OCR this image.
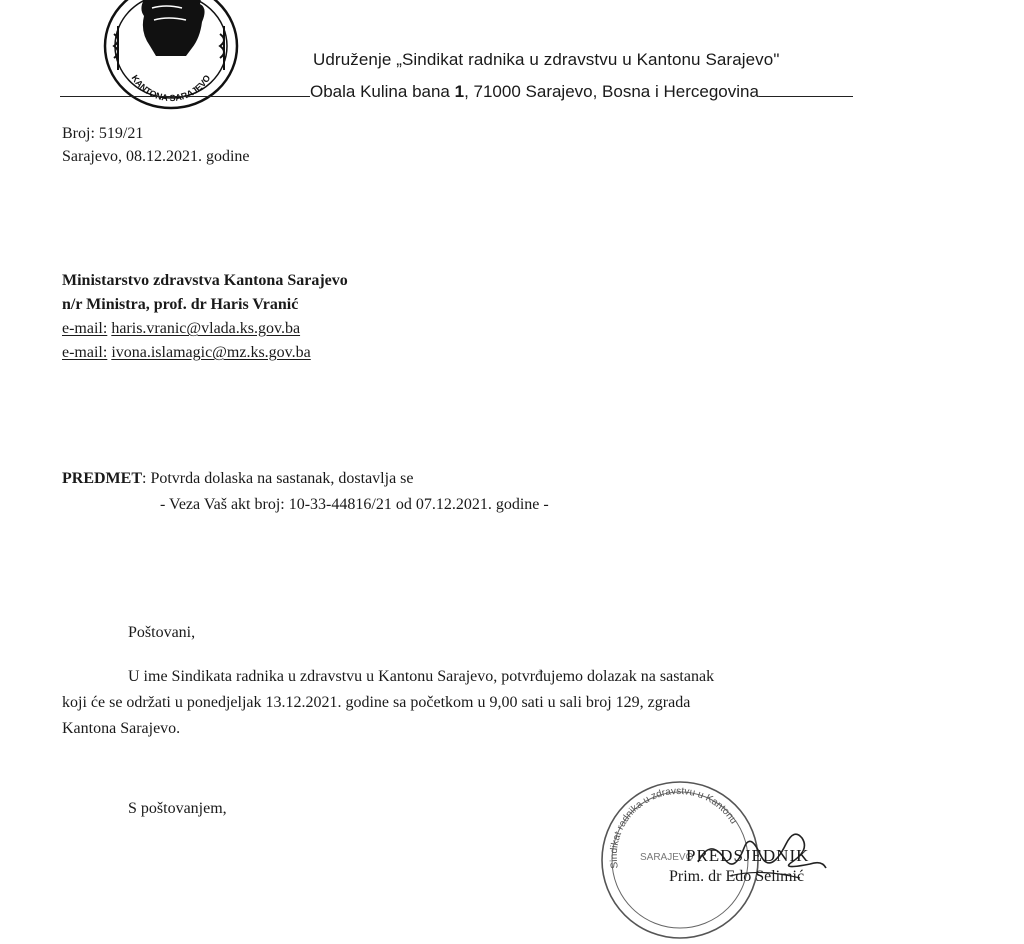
KANTONA SARAJEVO
Udruženje „Sindikat radnika u zdravstvu u Kantonu Sarajevo"
Obala Kulina bana 1, 71000 Sarajevo, Bosna i Hercegovina
Broj: 519/21
Sarajevo, 08.12.2021. godine
Ministarstvo zdravstva Kantona Sarajevo
n/r Ministra, prof. dr Haris Vranić
e-mail: haris.vranic@vlada.ks.gov.ba
e-mail: ivona.islamagic@mz.ks.gov.ba
PREDMET: Potvrda dolaska na sastanak, dostavlja se
- Veza Vaš akt broj: 10-33-44816/21 od 07.12.2021. godine -
Poštovani,
U ime Sindikata radnika u zdravstvu u Kantonu Sarajevo, potvrđujemo dolazak na sastanak
koji će se održati u ponedjeljak 13.12.2021. godine sa početkom u 9,00 sati u sali broj 129, zgrada
Kantona Sarajevo.
S poštovanjem,
Sindikat radnika u zdravstvu u Kantonu
SARAJEVO
PREDSJEDNIK
Prim. dr Edo Selimić
